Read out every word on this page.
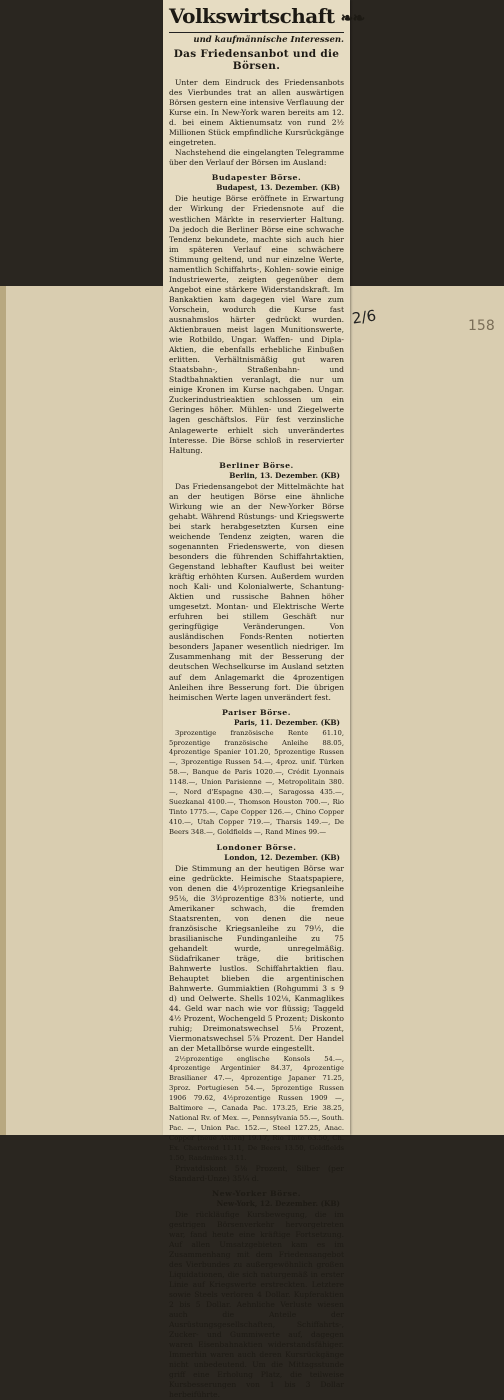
2/6	158
Volkswirtschaft ❧❧
und kaufmännische Interessen.
Das Friedensanbot und die Börsen.

Unter dem Eindruck des Friedensanbots des Vierbundes trat an allen auswärtigen Börsen gestern eine intensive Verflauung der Kurse ein. In New-York waren bereits am 12. d. bei einem Aktienumsatz von rund 2½ Millionen Stück empfindliche Kursrückgänge eingetreten.

Nachstehend die eingelangten Telegramme über den Verlauf der Börsen im Ausland:

Budapester Börse.
Budapest, 13. Dezember. (KB)

Die heutige Börse eröffnete in Erwartung der Wirkung der Friedensnote auf die westlichen Märkte in reservierter Haltung. Da jedoch die Berliner Börse eine schwache Tendenz bekundete, machte sich auch hier im späteren Verlauf eine schwächere Stimmung geltend, und nur einzelne Werte, namentlich Schiffahrts-, Kohlen- sowie einige Industriewerte, zeigten gegenüber dem Angebot eine stärkere Widerstandskraft. Im Bankaktien kam dagegen viel Ware zum Vorschein, wodurch die Kurse fast ausnahmslos härter gedrückt wurden. Aktienbrauen meist lagen Munitionswerte, wie Rotbildo, Ungar. Waffen- und Dipla-Aktien, die ebenfalls erhebliche Einbußen erlitten. Verhältnismäßig gut waren Staatsbahn-, Straßenbahn- und Stadtbahnaktien veranlagt, die nur um einige Kronen im Kurse nachgaben. Ungar. Zuckerindustrieaktien schlossen um ein Geringes höher. Mühlen- und Ziegelwerte lagen geschäftslos. Für fest verzinsliche Anlagewerte erhielt sich unverändertes Interesse. Die Börse schloß in reservierter Haltung.

Berliner Börse.
Berlin, 13. Dezember. (KB)

Das Friedensangebot der Mittelmächte hat an der heutigen Börse eine ähnliche Wirkung wie an der New-Yorker Börse gehabt. Während Rüstungs- und Kriegswerte bei stark herabgesetzten Kursen eine weichende Tendenz zeigten, waren die sogenannten Friedenswerte, von diesen besonders die führenden Schiffahrtaktien, Gegenstand lebhafter Kauflust bei weiter kräftig erhöhten Kursen. Außerdem wurden noch Kali- und Kolonialwerte, Schantung-Aktien und russische Bahnen höher umgesetzt. Montan- und Elektrische Werte erfuhren bei stillem Geschäft nur geringfügige Veränderungen. Von ausländischen Fonds-Renten notierten besonders Japaner wesentlich niedriger. Im Zusammenhang mit der Besserung der deutschen Wechselkurse im Ausland setzten auf dem Anlagemarkt die 4prozentigen Anleihen ihre Besserung fort. Die übrigen heimischen Werte lagen unverändert fest.

Pariser Börse.
Paris, 11. Dezember. (KB)

3prozentige französische Rente 61.10, 5prozentige französische Anleihe 88.05, 4prozentige Spanier 101.20, 5prozentige Russen —, 3prozentige Russen 54.—, 4proz. unif. Türken 58.—, Banque de Paris 1020.—, Crédit Lyonnais 1148.—, Union Parisienne —, Metropolitain 380.—, Nord d'Espagne 430.—, Saragossa 435.—, Suezkanal 4100.—, Thomson Houston 700.—, Rio Tinto 1775.—, Cape Copper 126.—, Chino Copper 410.—, Utah Copper 719.—, Tharsis 149.—, De Beers 348.—, Goldfields —, Rand Mines 99.—

Londoner Börse.
London, 12. Dezember. (KB)

Die Stimmung an der heutigen Börse war eine gedrückte. Heimische Staatspapiere, von denen die 4½prozentige Kriegsanleihe 95⅛, die 3½prozentige 83⅜ notierte, und Amerikaner schwach, die fremden Staatsrenten, von denen die neue französische Kriegsanleihe zu 79½, die brasilianische Fundinganleihe zu 75 gehandelt wurde, unregelmäßig. Südafrikaner träge, die britischen Bahnwerte lustlos. Schiffahrtaktien flau. Behauptet blieben die argentinischen Bahnwerte. Gummiaktien (Rohgummi 3 s 9 d) und Oelwerte. Shells 102⅛, Kanmaglikes 44. Geld war nach wie vor flüssig; Taggeld 4½ Prozent, Wochengeld 5 Prozent; Diskonto ruhig; Dreimonatswechsel 5⅛ Prozent, Viermonatswechsel 5⅞ Prozent. Der Handel an der Metallbörse wurde eingestellt.

2½prozentige englische Konsols 54.—, 4prozentige Argentinier 84.37, 4prozentige Brasilianer 47.—, 4prozentige Japaner 71.25, 3proz. Portugiesen 54.—, 5prozentige Russen 1906 79.62, 4½prozentige Russen 1909 —, Baltimore —, Canada Pac. 173.25, Erie 38.25, National Rv. of Mex. —, Pennsylvania 55.—, South. Pac. —, Union Pac. 152.—, Steel 127.25, Anac. Copper (neue Aktien) 19.17, Rio Tinto 63.50, Ch. Ex. Chartered 11.11, De Beers 13.50, Goldfields 1.50, Randmines 3.11.

Privatdiskont 5⅛ Prozent, Silber (per Standard-Unze) 35¼ d.

New-Yorker Börse.
New-York, 12. Dezember. (KB)

Die rückläufige Kursbewegung, die im gestrigen Börsenverkehr hervorgetreten war, fand heute eine kräftige Fortsetzung. Auf allen Umsatzgebieten kam es im Zusammenhang mit dem Friedensangebot des Vierbundes zu außergewöhnlich großen Liquidationen, die sich naturgemäß in erster Linie auf Kriegswerte erstreckten. Letztere sowie Steels verloren 4 Dollar. Kupferaktien 2 bis 5 Dollar. Aehnliche Verluste wiesen auch die Anteile der Ausrüstungsgesellschaften, Schiffahrts-, Zucker- und Gummiwerte auf, dagegen waren Eisenbahnaktien widerstandsfähiger. Immerhin waren auch deren Kursrückgänge nicht unbedeutend. Um die Mittagsstunde griff eine Erholung Platz, die teilweise Kursbesserungen von 1 bis 3 Dollar herbeiführte.
